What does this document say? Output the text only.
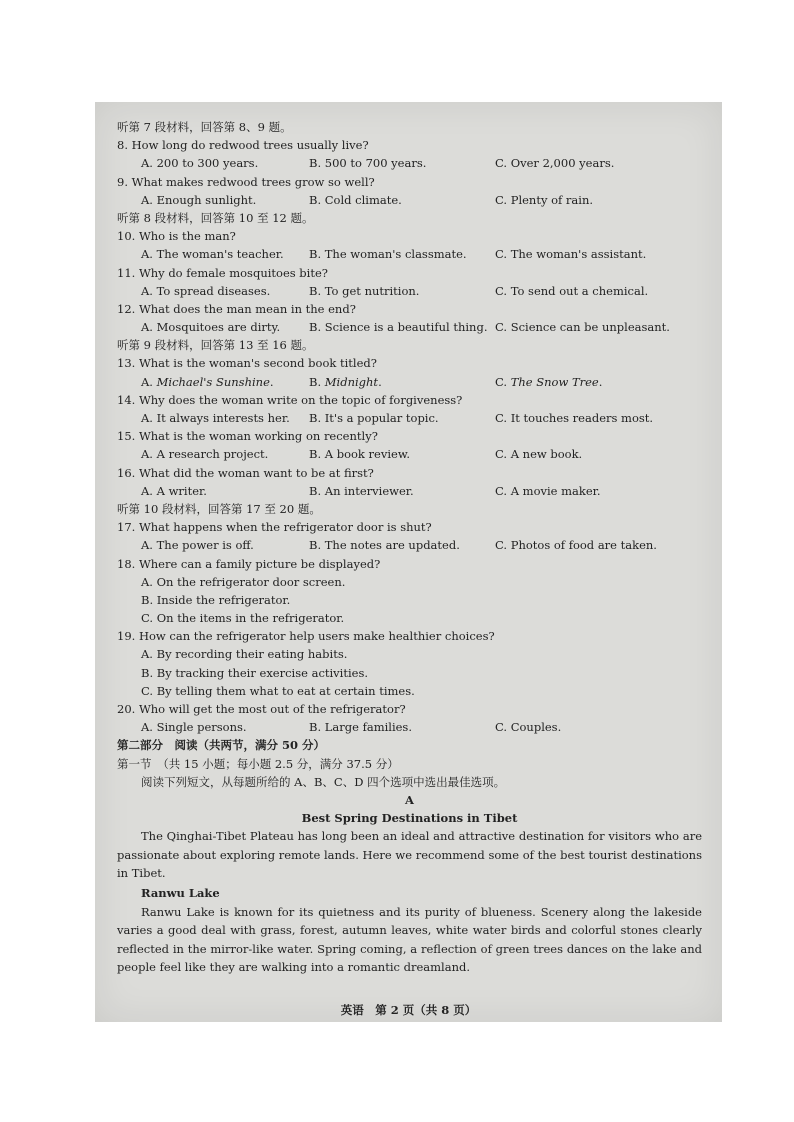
听第 7 段材料，回答第 8、9 题。
8. How long do redwood trees usually live?
A. 200 to 300 years.	B. 500 to 700 years.	C. Over 2,000 years.
9. What makes redwood trees grow so well?
A. Enough sunlight.	B. Cold climate.	C. Plenty of rain.
听第 8 段材料，回答第 10 至 12 题。
10. Who is the man?
A. The woman's teacher. B. The woman's classmate. C. The woman's assistant.
11. Why do female mosquitoes bite?
A. To spread diseases.	B. To get nutrition.	C. To send out a chemical.
12. What does the man mean in the end?
A. Mosquitoes are dirty.	B. Science is a beautiful thing. C. Science can be unpleasant.
听第 9 段材料，回答第 13 至 16 题。
13. What is the woman's second book titled?
A. Michael's Sunshine.	B. Midnight.	C. The Snow Tree.
14. Why does the woman write on the topic of forgiveness?
A. It always interests her. B. It's a popular topic.	C. It touches readers most.
15. What is the woman working on recently?
A. A research project.	B. A book review.	C. A new book.
16. What did the woman want to be at first?
A. A writer.	B. An interviewer.	C. A movie maker.
听第 10 段材料，回答第 17 至 20 题。
17. What happens when the refrigerator door is shut?
A. The power is off.	B. The notes are updated.	C. Photos of food are taken.
18. Where can a family picture be displayed?
A. On the refrigerator door screen.
B. Inside the refrigerator.
C. On the items in the refrigerator.
19. How can the refrigerator help users make healthier choices?
A. By recording their eating habits.
B. By tracking their exercise activities.
C. By telling them what to eat at certain times.
20. Who will get the most out of the refrigerator?
A. Single persons.	B. Large families.	C. Couples.
第二部分　阅读（共两节，满分 50 分）
第一节　（共 15 小题；每小题 2.5 分，满分 37.5 分）
阅读下列短文，从每题所给的 A、B、C、D 四个选项中选出最佳选项。
A
Best Spring Destinations in Tibet

The Qinghai-Tibet Plateau has long been an ideal and attractive destination for visitors who are passionate about exploring remote lands. Here we recommend some of the best tourist destinations in Tibet.

Ranwu Lake

Ranwu Lake is known for its quietness and its purity of blueness. Scenery along the lakeside varies a good deal with grass, forest, autumn leaves, white water birds and colorful stones clearly reflected in the mirror-like water. Spring coming, a reflection of green trees dances on the lake and people feel like they are walking into a romantic dreamland.

英语　第 2 页（共 8 页）
